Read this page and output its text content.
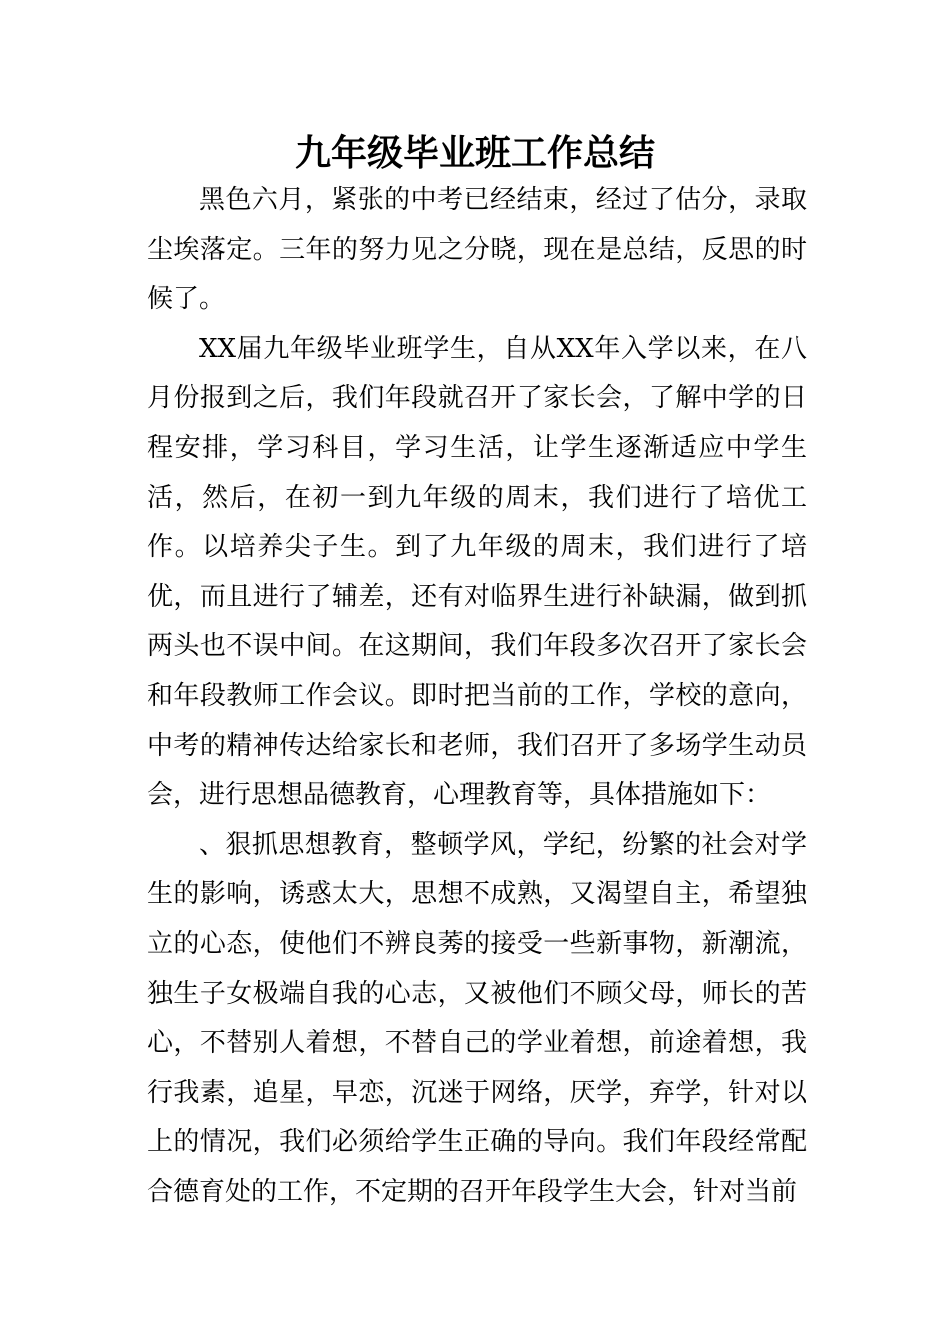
九年级毕业班工作总结

黑色六月，紧张的中考已经结束，经过了估分，录取尘埃落定。三年的努力见之分晓，现在是总结，反思的时候了。

XX届九年级毕业班学生，自从XX年入学以来，在八月份报到之后，我们年段就召开了家长会，了解中学的日程安排，学习科目，学习生活，让学生逐渐适应中学生活，然后，在初一到九年级的周末，我们进行了培优工作。以培养尖子生。到了九年级的周末，我们进行了培优，而且进行了辅差，还有对临界生进行补缺漏，做到抓两头也不误中间。在这期间，我们年段多次召开了家长会和年段教师工作会议。即时把当前的工作，学校的意向，中考的精神传达给家长和老师，我们召开了多场学生动员会，进行思想品德教育，心理教育等，具体措施如下：

、狠抓思想教育，整顿学风，学纪，纷繁的社会对学生的影响，诱惑太大，思想不成熟，又渴望自主，希望独立的心态，使他们不辨良莠的接受一些新事物，新潮流，独生子女极端自我的心志，又被他们不顾父母，师长的苦心，不替别人着想，不替自己的学业着想，前途着想，我行我素，追星，早恋，沉迷于网络，厌学，弃学，针对以上的情况，我们必须给学生正确的导向。我们年段经常配合德育处的工作，不定期的召开年段学生大会，针对当前
